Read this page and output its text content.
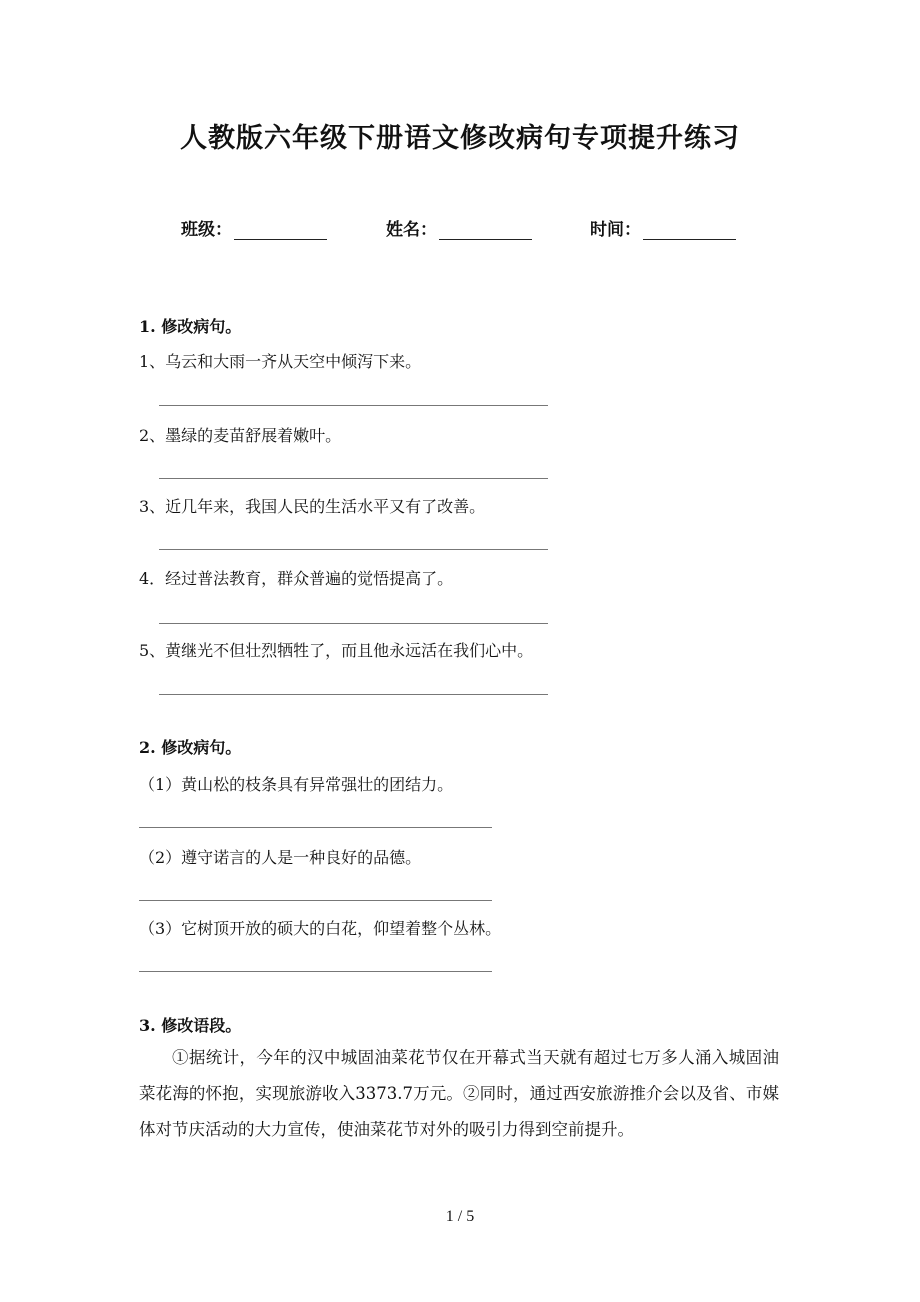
人教版六年级下册语文修改病句专项提升练习
班级：	姓名：	时间：
1. 修改病句。
1、乌云和大雨一齐从天空中倾泻下来。
2、墨绿的麦苗舒展着嫩叶。
3、近几年来，我国人民的生活水平又有了改善。
4．经过普法教育，群众普遍的觉悟提高了。
5、黄继光不但壮烈牺牲了，而且他永远活在我们心中。
2. 修改病句。
（1）黄山松的枝条具有异常强壮的团结力。
（2）遵守诺言的人是一种良好的品德。
（3）它树顶开放的硕大的白花，仰望着整个丛林。
3. 修改语段。
①据统计，今年的汉中城固油菜花节仅在开幕式当天就有超过七万多人涌入城固油菜花海的怀抱，实现旅游收入3373.7万元。②同时，通过西安旅游推介会以及省、市媒体对节庆活动的大力宣传，使油菜花节对外的吸引力得到空前提升。
1 / 5
